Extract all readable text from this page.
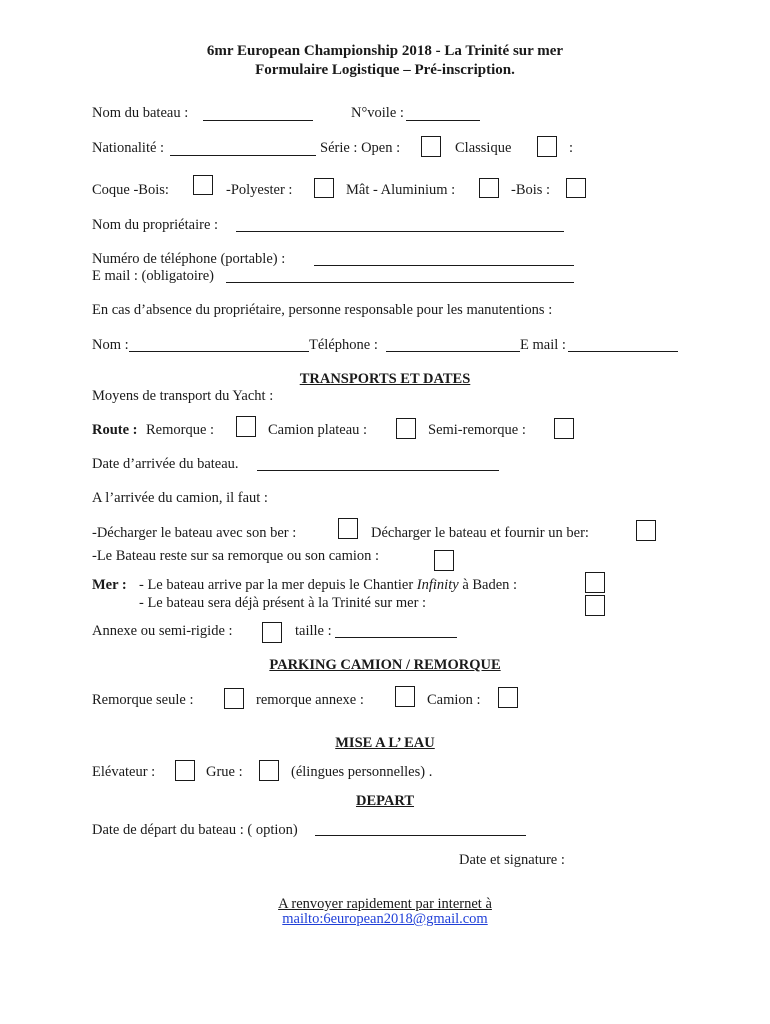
6mr European Championship 2018 - La Trinité sur mer
Formulaire Logistique – Pré-inscription.
Nom du bateau :	N°voile :
Nationalité :	Série : Open :	Classique	:
Coque -Bois:	-Polyester :	Mât - Aluminium :	-Bois :
Nom du propriétaire :
Numéro de téléphone (portable) :
E mail : (obligatoire)
En cas d’absence du propriétaire, personne responsable pour les manutentions :
Nom :	Téléphone :	E mail :
TRANSPORTS ET DATES
Moyens de transport du Yacht :
Route : Remorque :	Camion plateau :	Semi-remorque :
Date d’arrivée du bateau.
A l’arrivée du camion, il faut :
-Décharger le bateau avec son ber :	Décharger le bateau et fournir un ber:
-Le Bateau reste sur sa remorque ou son camion :
Mer : - Le bateau arrive par la mer depuis le Chantier Infinity à Baden :
- Le bateau sera déjà présent à la Trinité sur mer :
Annexe ou semi-rigide :	taille :
PARKING CAMION / REMORQUE
Remorque seule :	remorque annexe :	Camion :
MISE A L’ EAU
Elévateur :	Grue :	(élingues personnelles) .
DEPART
Date de départ du bateau : ( option)
Date et signature :
A renvoyer rapidement par internet à
mailto:6european2018@gmail.com
